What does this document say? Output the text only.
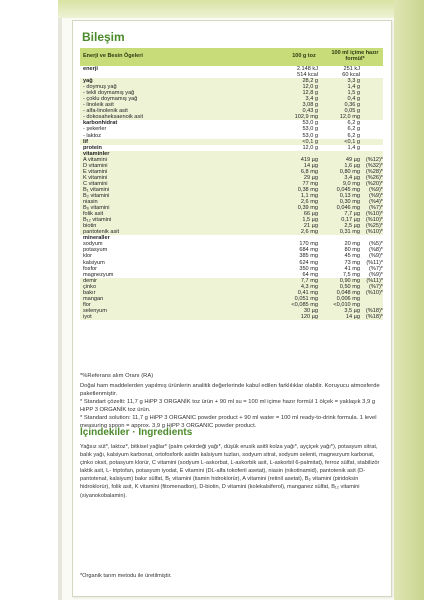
Bileşim
Enerji ve Besin Ögeleri	100 g toz	100 ml içime hazır formül*
enerji	2.148 kJ	251 kJ
514 kcal	60 kcal
yağ	28,2 g	3,3 g
- doymuş yağ	12,0 g	1,4 g
- tekli doymamış yağ	12,8 g	1,5 g
- çoklu doymamış yağ	3,4 g	0,4 g
- linoleik asit	3,08 g	0,36 g
- alfa-linolenik asit	0,43 g	0,05 g
- dokosaheksaenoik asit	102,9 mg	12,0 mg
karbonhidrat	53,0 g	6,2 g
- şekerler	53,0 g	6,2 g
- laktoz	53,0 g	6,2 g
lif	<0,1 g	<0,1 g
protein	12,0 g	1,4 g
vitaminler
A vitamini	419 µg	49 µg	(%12)*
D vitamini	14 µg	1,6 µg	(%32)*
E vitamini	6,8 mg	0,80 mg	(%28)*
K vitamini	29 µg	3,4 µg	(%26)*
C vitamini	77 mg	9,0 mg	(%20)*
B₁ vitamini	0,38 mg	0,045 mg	(%9)*
B₂ vitamini	1,1 mg	0,13 mg	(%9)*
niasin	2,6 mg	0,30 mg	(%4)*
B₆ vitamini	0,39 mg	0,046 mg	(%7)*
folik asit	66 µg	7,7 µg	(%10)*
B₁₂ vitamini	1,5 µg	0,17 µg	(%10)*
biotin	21 µg	2,5 µg	(%25)*
pantotenik asit	2,6 mg	0,31 mg	(%10)*
mineraller
sodyum	170 mg	20 mg	(%5)*
potasyum	684 mg	80 mg	(%8)*
klor	385 mg	45 mg	(%9)*
kalsiyum	624 mg	73 mg	(%11)*
fosfor	350 mg	41 mg	(%7)*
magnezyum	64 mg	7,5 mg	(%9)*
demir	7,7 mg	0,90 mg	(%11)*
çinko	4,3 mg	0,50 mg	(%7)*
bakır	0,41 mg	0,048 mg	(%10)*
mangan	0,051 mg	0,006 mg
flor	<0,085 mg	<0,010 mg
selenyum	30 µg	3,5 µg	(%18)*
iyot	120 µg	14 µg	(%18)*

*%Referans alım Oranı (RA)

Doğal ham maddelerden yapılmış ürünlerin analitik değerlerinde kabul edilen farklılıklar olabilir. Koruyucu atmosferde paketlenmiştir.

* Standart çözelti: 11,7 g HiPP 3 ORGANİK toz ürün + 90 ml su = 100 ml içime hazır formül 1 ölçek = yaklaşık 3,9 g HiPP 3 ORGANİK toz ürün.

* Standard solution: 11,7 g HiPP 3 ORGANIC powder product + 90 ml water = 100 ml ready-to-drink formula. 1 level measuring spoon = approx. 3,9 g HiPP 3 ORGANIC powder product.

İçindekiler · Ingredients
Yağsız süt*, laktoz*, bitkisel yağlar* (palm çekirdeği yağı*, düşük erusik asitli kolza yağı*, ayçiçek yağı*), potasyum sitrat, balık yağı, kalsiyum karbonat, ortofosforik asidin kalsiyum tuzları, sodyum sitrat, sodyum selenit, magnezyum karbonat, çinko oksit, potasyum klorür, C vitamini (sodyum L-askorbat, L-askorbik asit, L-askorbil 6-palmitat), ferroz sülfat, stabilizör laktik asit, L- triptofan, potasyum iyodat, E vitamini (DL-alfa tokoferil asetat), niasin (nikotinamid), pantotenik asit (D-pantotenat, kalsiyum) bakır sülfat, B₁ vitamini (tiamin hidroklorür), A vitamini (retinil asetat), B₆ vitamini (piridoksin hidroklorür), folik asit, K vitamini (fitomenadion), D-biotin, D vitamini (kolekalsiferol), manganez sülfat, B₁₂ vitamini (siyanokobalamin).
*Organik tarım metodu ile üretilmiştir.
